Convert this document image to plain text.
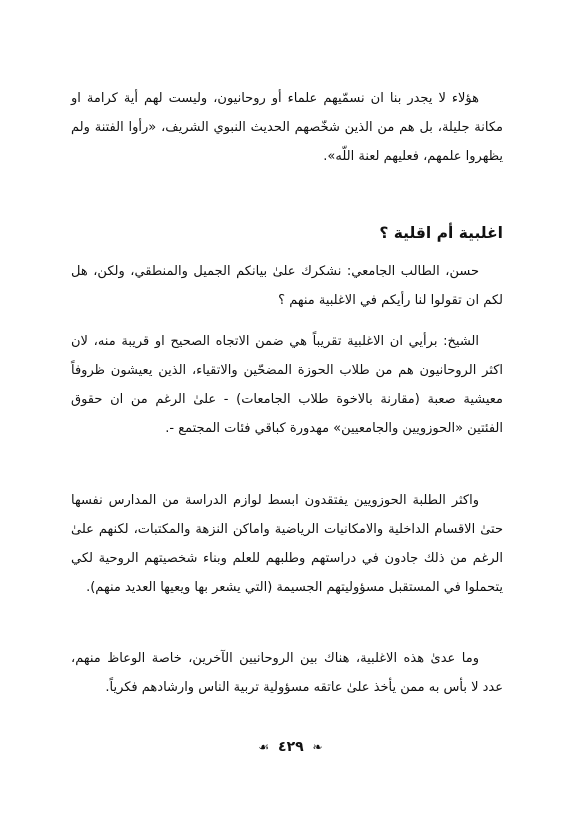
هؤلاء لا يجدر بنا ان نسمّيهم علماء أو روحانيون، وليست لهم أية كرامة او مكانة جليلة، بل هم من الذين شخّصهم الحديث النبوي الشريف، «رأوا الفتنة ولم يظهروا علمهم، فعليهم لعنة اللّه».

اغلبية أم اقلية ؟

حسن، الطالب الجامعي: نشكرك علىٰ بيانكم الجميل والمنطقي، ولكن، هل لكم ان تقولوا لنا رأيكم في الاغلبية منهم ؟

الشيخ: برأيي ان الاغلبية تقريباً هي ضمن الاتجاه الصحيح او قريبة منه، لان اكثر الروحانيون هم من طلاب الحوزة المضحّين والاتقياء، الذين يعيشون ظروفاً معيشية صعبة (مقارنة بالاخوة طلاب الجامعات) - علىٰ الرغم من ان حقوق الفئتين «الحوزويين والجامعيين» مهدورة كباقي فئات المجتمع -.

واكثر الطلبة الحوزويين يفتقدون ابسط لوازم الدراسة من المدارس نفسها حتىٰ الاقسام الداخلية والامكانيات الرياضية واماكن النزهة والمكتبات، لكنهم علىٰ الرغم من ذلك جادون في دراستهم وطلبهم للعلم وبناء شخصيتهم الروحية لكي يتحملوا في المستقبل مسؤوليتهم الجسيمة (التي يشعر بها ويعيها العديد منهم).

وما عدىٰ هذه الاغلبية، هناك بين الروحانيين الآخرين، خاصة الوعاظ منهم، عدد لا بأس به ممن يأخذ علىٰ عاتقه مسؤولية تربية الناس وارشادهم فكرياً.

❧ ٤٢٩ ☙
